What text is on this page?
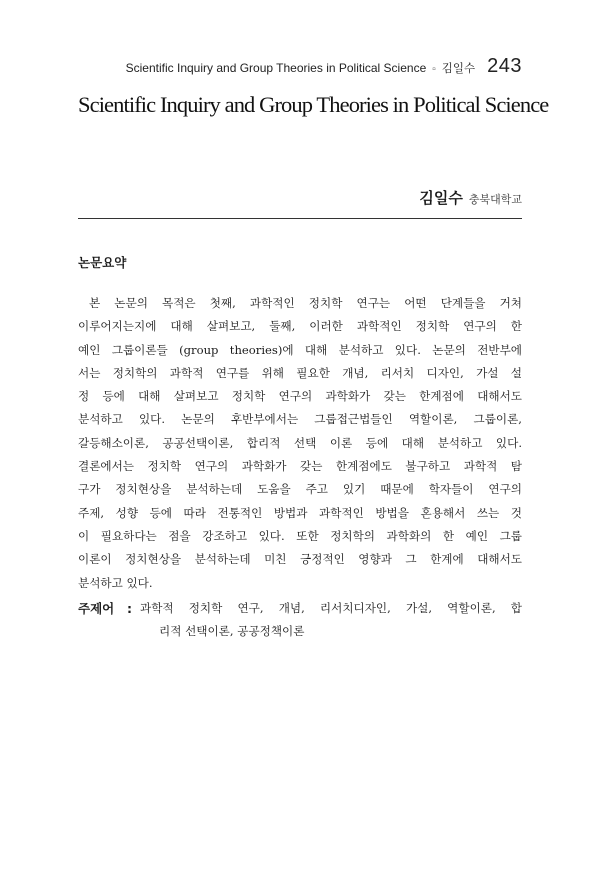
Scientific Inquiry and Group Theories in Political Science ▫ 김일수 243
Scientific Inquiry and Group Theories in Political Science
김일수 충북대학교
논문요약
본 논문의 목적은 첫째, 과학적인 정치학 연구는 어떤 단계들을 거쳐
이루어지는지에 대해 살펴보고, 둘째, 이러한 과학적인 정치학 연구의 한
예인 그룹이론들 (group theories)에 대해 분석하고 있다. 논문의 전반부에
서는 정치학의 과학적 연구를 위해 필요한 개념, 리서치 디자인, 가설 설
정 등에 대해 살펴보고 정치학 연구의 과학화가 갖는 한계점에 대해서도
분석하고 있다. 논문의 후반부에서는 그룹접근법들인 역할이론, 그룹이론,
갈등해소이론, 공공선택이론, 합리적 선택 이론 등에 대해 분석하고 있다.
결론에서는 정치학 연구의 과학화가 갖는 한계점에도 불구하고 과학적 탐
구가 정치현상을 분석하는데 도움을 주고 있기 때문에 학자들이 연구의
주제, 성향 등에 따라 전통적인 방법과 과학적인 방법을 혼용해서 쓰는 것
이 필요하다는 점을 강조하고 있다. 또한 정치학의 과학화의 한 예인 그룹
이론이 정치현상을 분석하는데 미친 긍정적인 영향과 그 한계에 대해서도
분석하고 있다.
주제어 : 과학적 정치학 연구, 개념, 리서치디자인, 가설, 역할이론, 합
리적 선택이론, 공공정책이론
